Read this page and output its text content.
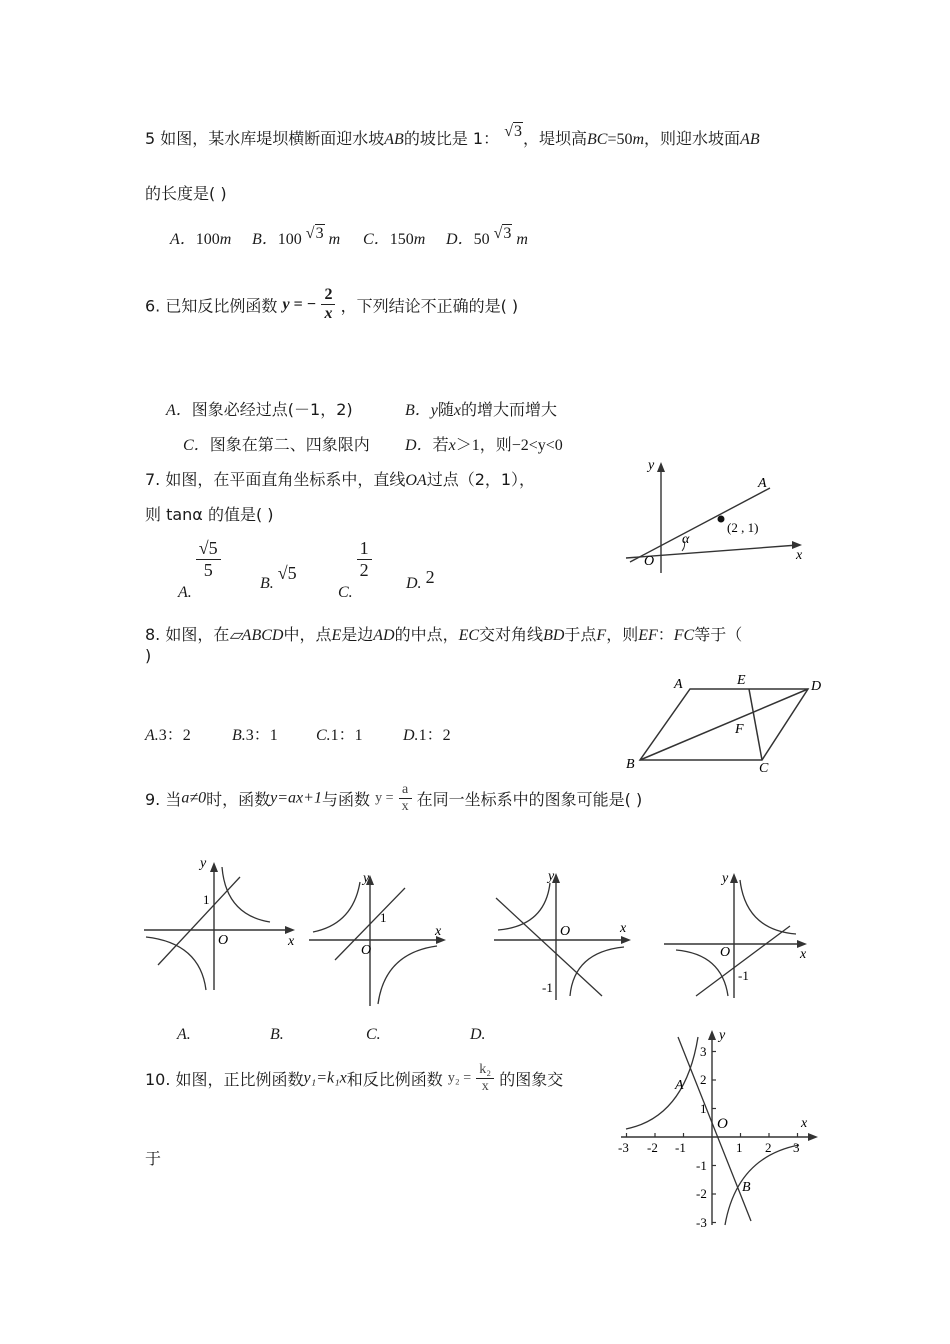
5 如图，某水库堤坝横断面迎水坡AB的坡比是 1： √3，堤坝高BC=50m，则迎水坡面AB
的长度是( )
A．100m B．100 √3 m C．150m D．50 √3 m
6. 已知反比例函数 y = − $\frac{2}{x}$ ，下列结论不正确的是( )
A．图象必经过点(－1，2)	B．y随x的增大而增大
C．图象在第二、四象限内 D．若x＞1，则−2<y<0
7. 如图，在平面直角坐标系中，直线OA过点（2，1），
则 tanα 的值是( )
A.
$\frac{√5}{5}$
B. √5
C.
$\frac{1}{2}$
D. 2
y
x
O
A
(2 , 1)
α
8. 如图，在▱ABCD中，点E是边AD的中点，EC交对角线BD于点F，则EF：FC等于（
)
A.3：2	B.3：1 C.1：1	D.1：2
A	E	D
F
B	C
9. 当a≠0时，函数y=ax+1与函数 $y = \frac{a}{x}$ 在同一坐标系中的图象可能是( )
y
x
O
1
y
x
O
1
y
x
O
-1
y
x
O
-1
A.	B.	C.	D.
10. 如图，正比例函数y₁=k₁x和反比例函数 $y_2 = \frac{\text{k₂}}{x}$ 的图象交
于
y
x
O
A
B
-3 -2 -1	1 2 3
3
2
1
-1
-2
-3
